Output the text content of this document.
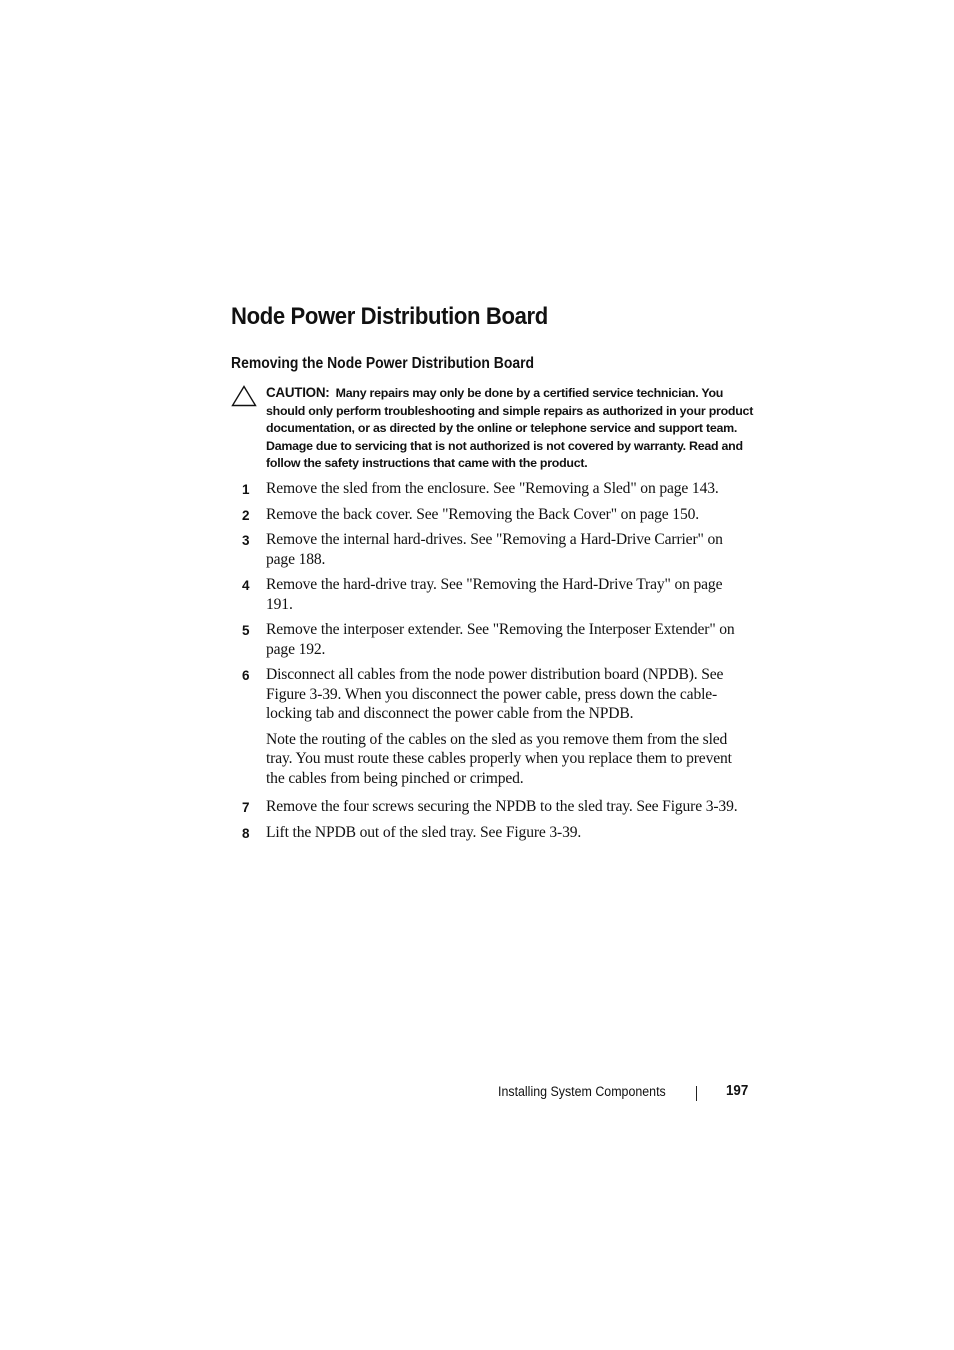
Node Power Distribution Board
Removing the Node Power Distribution Board
CAUTION: Many repairs may only be done by a certified service technician. You should only perform troubleshooting and simple repairs as authorized in your product documentation, or as directed by the online or telephone service and support team. Damage due to servicing that is not authorized is not covered by warranty. Read and follow the safety instructions that came with the product.
1 Remove the sled from the enclosure. See "Removing a Sled" on page 143.
2 Remove the back cover. See "Removing the Back Cover" on page 150.
3 Remove the internal hard-drives. See "Removing a Hard-Drive Carrier" on page 188.
4 Remove the hard-drive tray. See "Removing the Hard-Drive Tray" on page 191.
5 Remove the interposer extender. See "Removing the Interposer Extender" on page 192.
6 Disconnect all cables from the node power distribution board (NPDB). See Figure 3-39. When you disconnect the power cable, press down the cable-locking tab and disconnect the power cable from the NPDB.
Note the routing of the cables on the sled as you remove them from the sled tray. You must route these cables properly when you replace them to prevent the cables from being pinched or crimped.
7 Remove the four screws securing the NPDB to the sled tray. See Figure 3-39.
8 Lift the NPDB out of the sled tray. See Figure 3-39.
Installing System Components	197
